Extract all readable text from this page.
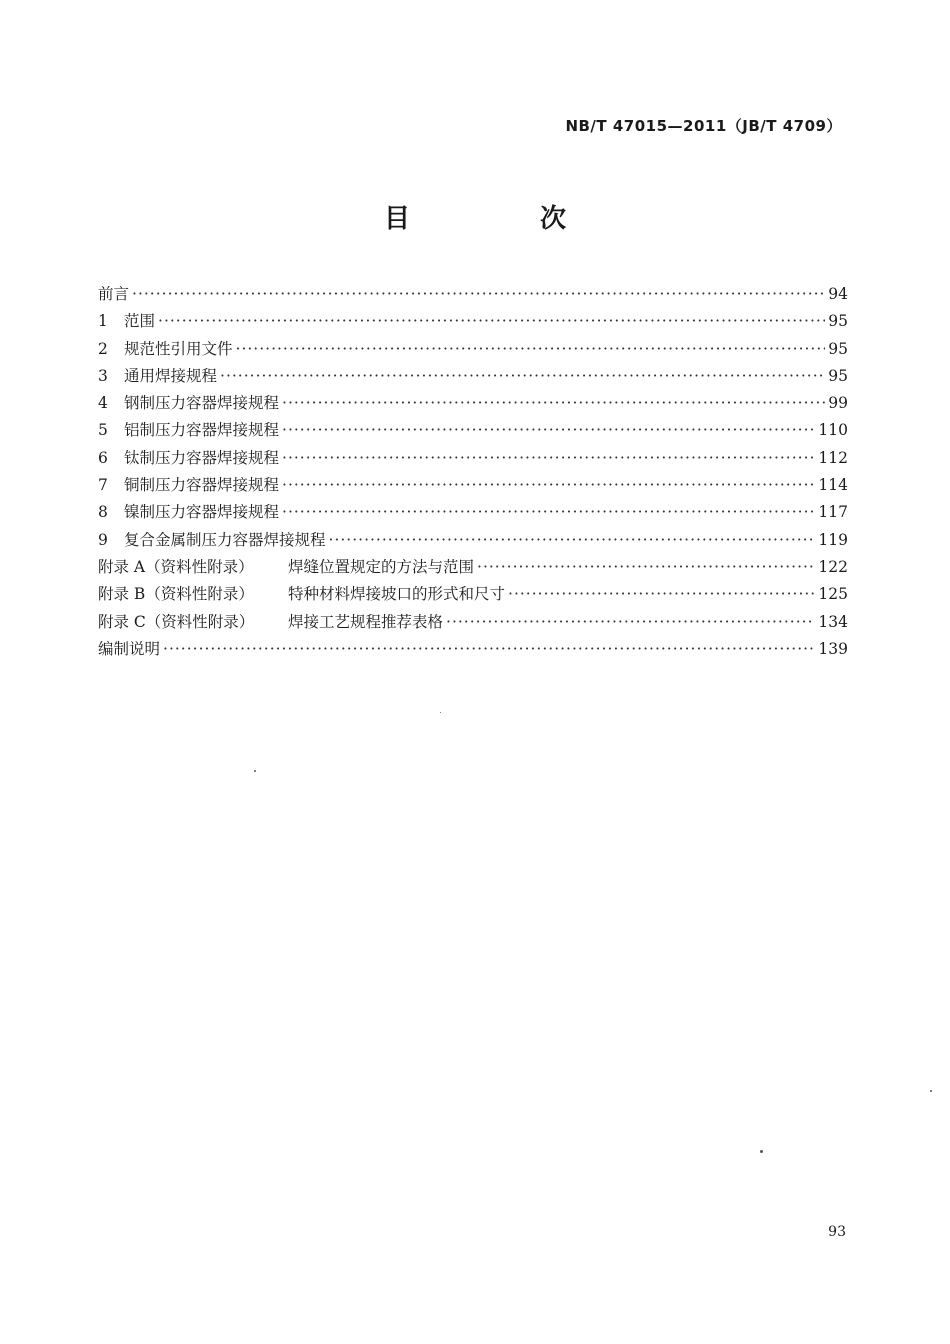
NB/T 47015—2011（JB/T 4709）
目　次
前言 ·····	94
1	范围 ·····	95
2	规范性引用文件 ·····	95
3	通用焊接规程 ·····	95
4	钢制压力容器焊接规程 ·····	99
5	铝制压力容器焊接规程 ·····	110
6	钛制压力容器焊接规程 ·····	112
7	铜制压力容器焊接规程 ·····	114
8	镍制压力容器焊接规程 ·····	117
9	复合金属制压力容器焊接规程 ·····	119
附录 A（资料性附录）	焊缝位置规定的方法与范围 ·····	122
附录 B（资料性附录）	特种材料焊接坡口的形式和尺寸 ·····	125
附录 C（资料性附录）	焊接工艺规程推荐表格 ·····	134
编制说明 ·····	139
93
